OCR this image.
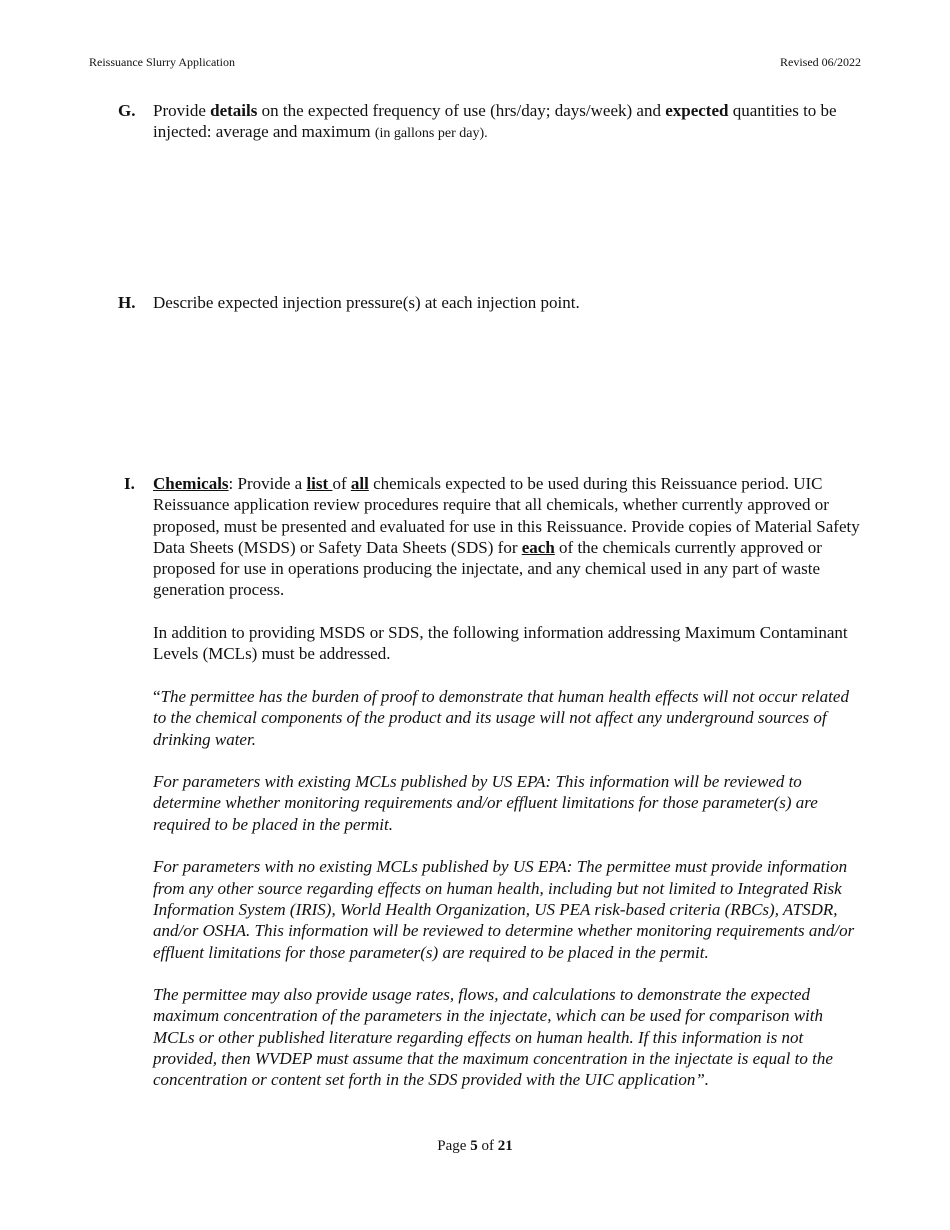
Reissuance Slurry Application	Revised 06/2022
G. Provide details on the expected frequency of use (hrs/day; days/week) and expected quantities to be injected: average and maximum (in gallons per day).
H. Describe expected injection pressure(s) at each injection point.
I. Chemicals: Provide a list of all chemicals expected to be used during this Reissuance period. UIC Reissuance application review procedures require that all chemicals, whether currently approved or proposed, must be presented and evaluated for use in this Reissuance. Provide copies of Material Safety Data Sheets (MSDS) or Safety Data Sheets (SDS) for each of the chemicals currently approved or proposed for use in operations producing the injectate, and any chemical used in any part of waste generation process.

In addition to providing MSDS or SDS, the following information addressing Maximum Contaminant Levels (MCLs) must be addressed.

“The permittee has the burden of proof to demonstrate that human health effects will not occur related to the chemical components of the product and its usage will not affect any underground sources of drinking water.

For parameters with existing MCLs published by US EPA: This information will be reviewed to determine whether monitoring requirements and/or effluent limitations for those parameter(s) are required to be placed in the permit.

For parameters with no existing MCLs published by US EPA: The permittee must provide information from any other source regarding effects on human health, including but not limited to Integrated Risk Information System (IRIS), World Health Organization, US PEA risk-based criteria (RBCs), ATSDR, and/or OSHA. This information will be reviewed to determine whether monitoring requirements and/or effluent limitations for those parameter(s) are required to be placed in the permit.

The permittee may also provide usage rates, flows, and calculations to demonstrate the expected maximum concentration of the parameters in the injectate, which can be used for comparison with MCLs or other published literature regarding effects on human health. If this information is not provided, then WVDEP must assume that the maximum concentration in the injectate is equal to the concentration or content set forth in the SDS provided with the UIC application”.

Page 5 of 21
